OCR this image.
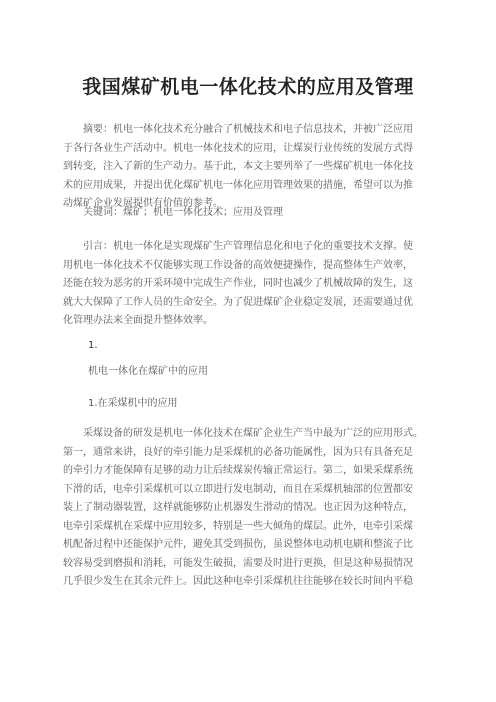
我国煤矿机电一体化技术的应用及管理
　　摘要：机电一体化技术充分融合了机械技术和电子信息技术，并被广泛应用
于各行各业生产活动中。机电一体化技术的应用，让煤炭行业传统的发展方式得
到转变，注入了新的生产动力。基于此，本文主要列举了一些煤矿机电一体化技
术的应用成果，并提出优化煤矿机电一体化应用管理效果的措施，希望可以为推
动煤矿企业发展提供有价值的参考。
　　关键词：煤矿；机电一体化技术；应用及管理
　　引言：机电一体化是实现煤矿生产管理信息化和电子化的重要技术支撑。使
用机电一体化技术不仅能够实现工作设备的高效便捷操作，提高整体生产效率，
还能在较为恶劣的开采环境中完成生产作业，同时也减少了机械故障的发生，这
就大大保障了工作人员的生命安全。为了促进煤矿企业稳定发展，还需要通过优
化管理办法来全面提升整体效率。
1.
机电一体化在煤矿中的应用
1.在采煤机中的应用
　　采煤设备的研发是机电一体化技术在煤矿企业生产当中最为广泛的应用形式。
第一，通常来讲，良好的牵引能力是采煤机的必备功能属性，因为只有具备充足
的牵引力才能保障有足够的动力让后续煤炭传输正常运行。第二，如果采煤系统
下滑的话，电牵引采煤机可以立即进行发电制动，而且在采煤机轴部的位置都安
装上了制动器装置，这样就能够防止机器发生滑动的情况。也正因为这种特点，
电牵引采煤机在采煤中应用较多，特别是一些大倾角的煤层。此外，电牵引采煤
机配备过程中还能保护元件，避免其受到损伤，虽说整体电动机电刷和整流子比
较容易受到磨损和消耗，可能发生破损，需要及时进行更换，但是这种易损情况
几乎很少发生在其余元件上。因此这种电牵引采煤机往往能够在较长时间内平稳
